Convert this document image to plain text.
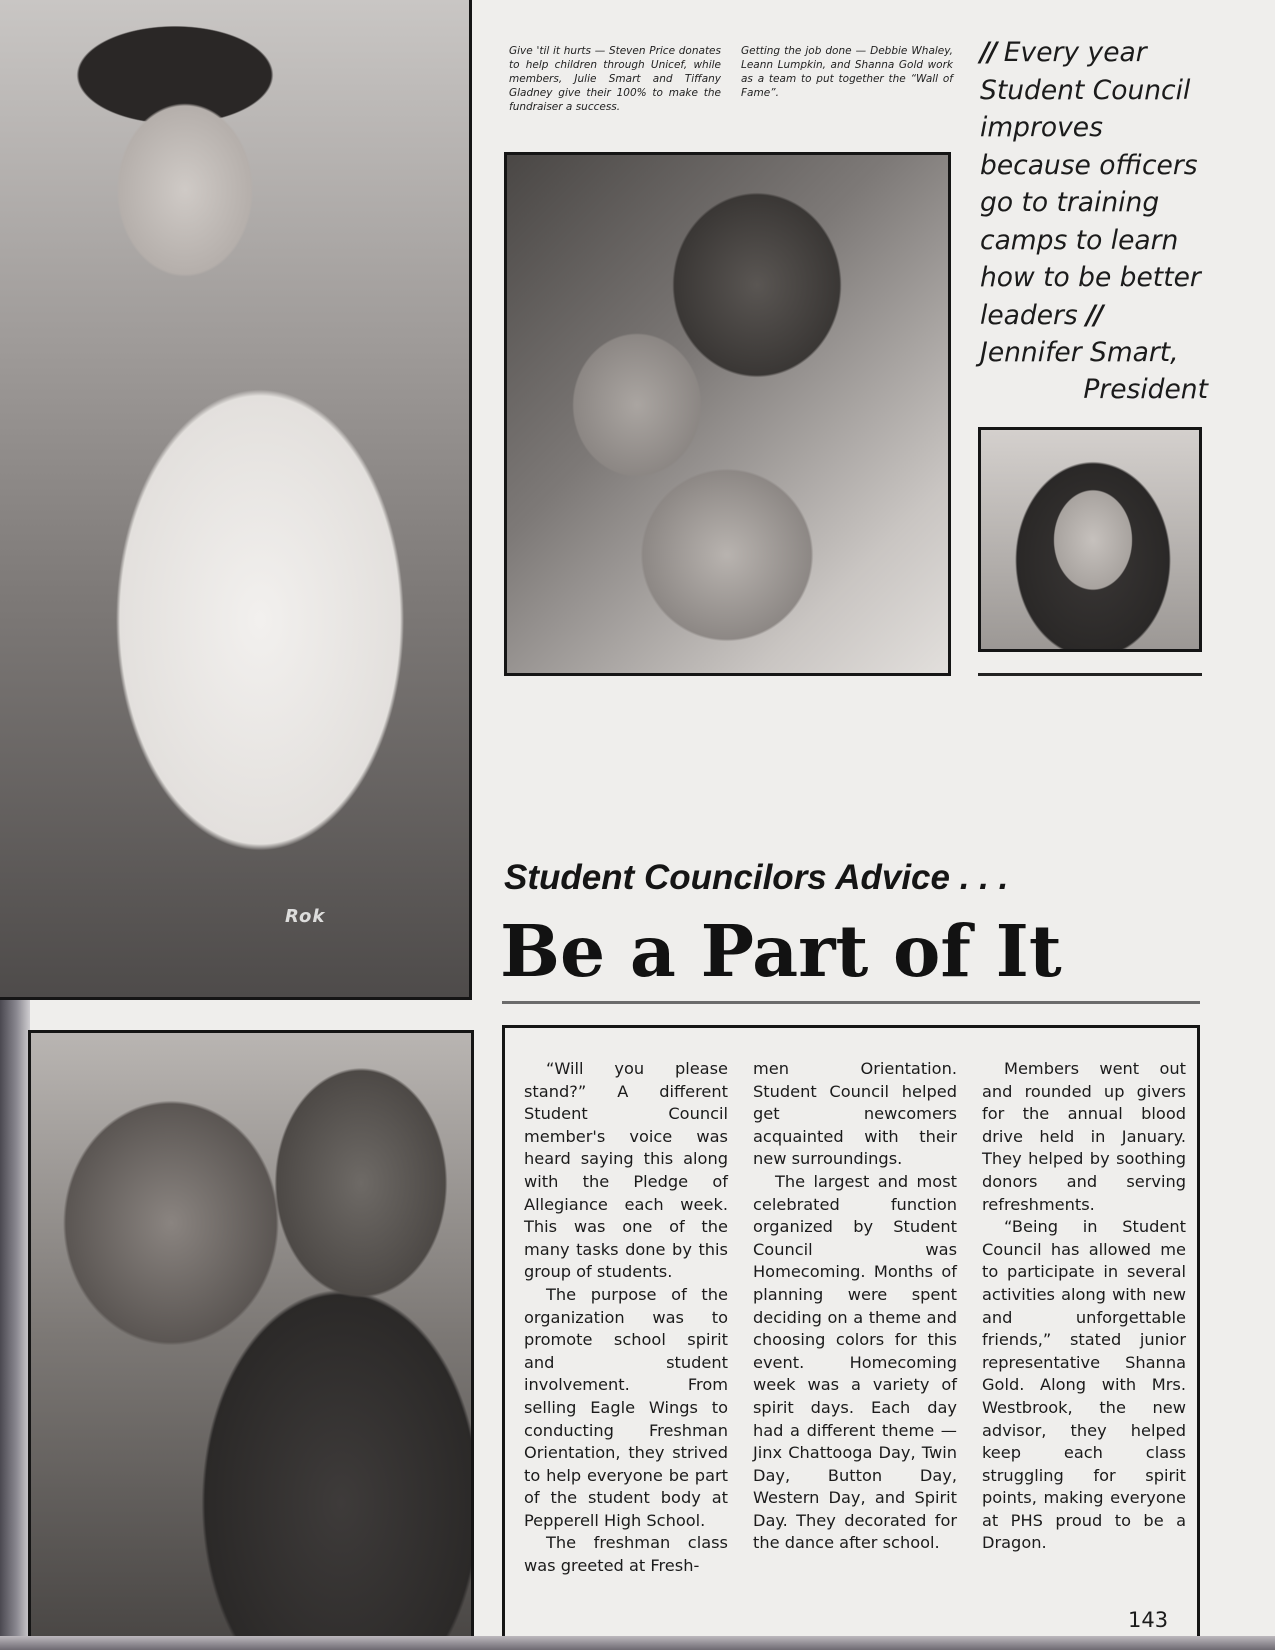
Rok

Give 'til it hurts — Steven Price donates to help children through Unicef, while members, Julie Smart and Tiffany Gladney give their 100% to make the fundraiser a success.

Getting the job done — Debbie Whaley, Leann Lumpkin, and Shanna Gold work as a team to put together the “Wall of Fame”.

// Every year Student Council improves because officers go to training camps to learn how to be better leaders //

Jennifer Smart,
President

Student Councilors Advice . . .
Be a Part of It

“Will you please stand?” A different Student Council member's voice was heard saying this along with the Pledge of Allegiance each week. This was one of the many tasks done by this group of students.

The purpose of the organization was to promote school spirit and student involvement. From selling Eagle Wings to conducting Freshman Orientation, they strived to help everyone be part of the student body at Pepperell High School.

The freshman class was greeted at Fresh-

men Orientation. Student Council helped get newcomers acquainted with their new surroundings.

The largest and most celebrated function organized by Student Council was Homecoming. Months of planning were spent deciding on a theme and choosing colors for this event. Homecoming week was a variety of spirit days. Each day had a different theme — Jinx Chattooga Day, Twin Day, Button Day, Western Day, and Spirit Day. They decorated for the dance after school.

Members went out and rounded up givers for the annual blood drive held in January. They helped by soothing donors and serving refreshments.

“Being in Student Council has allowed me to participate in several activities along with new and unforgettable friends,” stated junior representative Shanna Gold. Along with Mrs. Westbrook, the new advisor, they helped keep each class struggling for spirit points, making everyone at PHS proud to be a Dragon.

143
